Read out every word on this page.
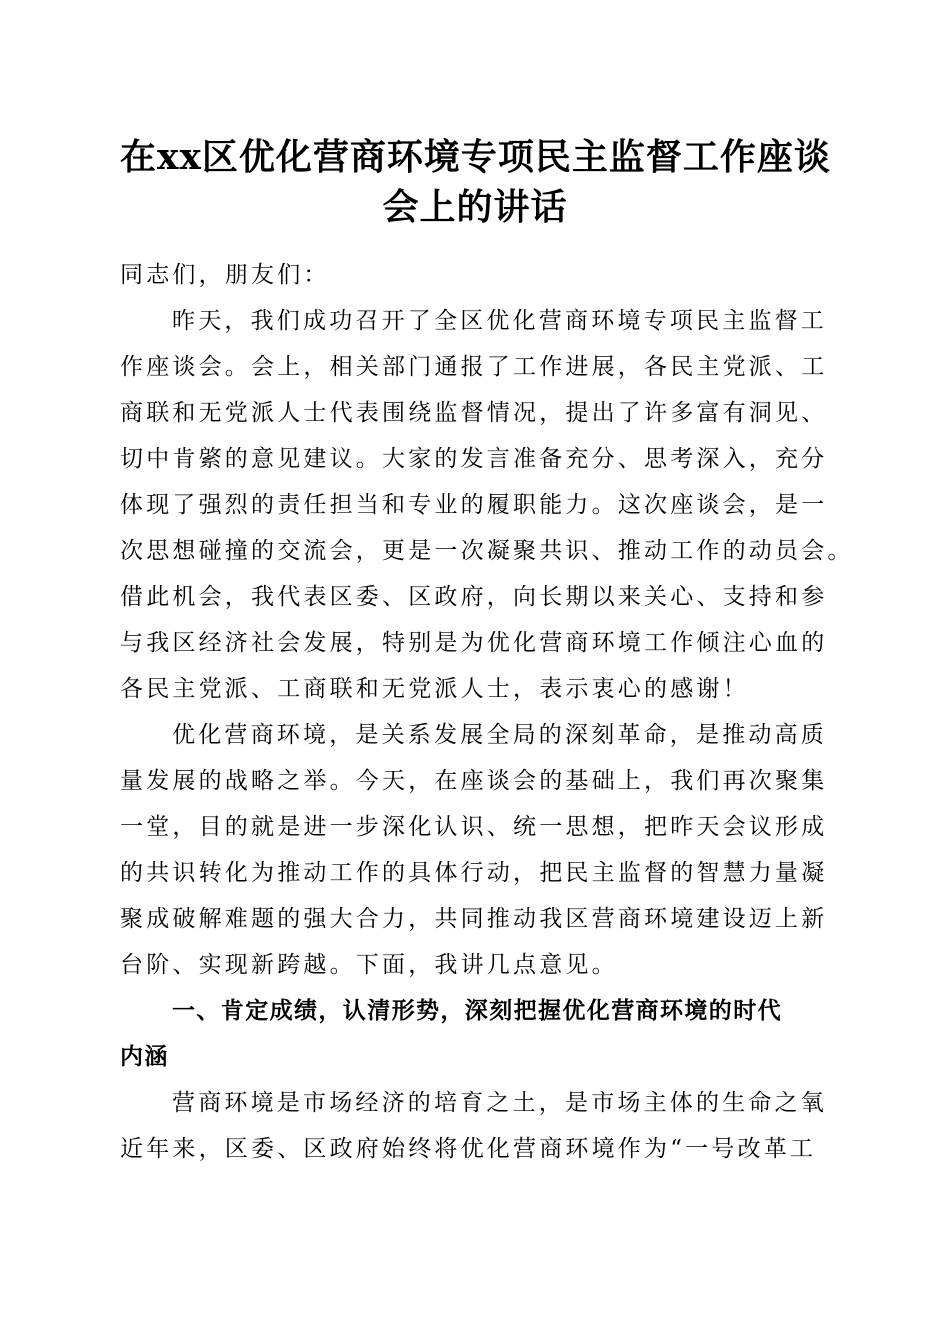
在xx区优化营商环境专项民主监督工作座谈
会上的讲话
同志们，朋友们：
昨天，我们成功召开了全区优化营商环境专项民主监督工
作座谈会。会上，相关部门通报了工作进展，各民主党派、工
商联和无党派人士代表围绕监督情况，提出了许多富有洞见、
切中肯綮的意见建议。大家的发言准备充分、思考深入，充分
体现了强烈的责任担当和专业的履职能力。这次座谈会，是一
次思想碰撞的交流会，更是一次凝聚共识、推动工作的动员会。
借此机会，我代表区委、区政府，向长期以来关心、支持和参
与我区经济社会发展，特别是为优化营商环境工作倾注心血的
各民主党派、工商联和无党派人士，表示衷心的感谢！
优化营商环境，是关系发展全局的深刻革命，是推动高质
量发展的战略之举。今天，在座谈会的基础上，我们再次聚集
一堂，目的就是进一步深化认识、统一思想，把昨天会议形成
的共识转化为推动工作的具体行动，把民主监督的智慧力量凝
聚成破解难题的强大合力，共同推动我区营商环境建设迈上新
台阶、实现新跨越。下面，我讲几点意见。
一、肯定成绩，认清形势，深刻把握优化营商环境的时代
内涵
营商环境是市场经济的培育之土，是市场主体的生命之氧
近年来，区委、区政府始终将优化营商环境作为“一号改革工
